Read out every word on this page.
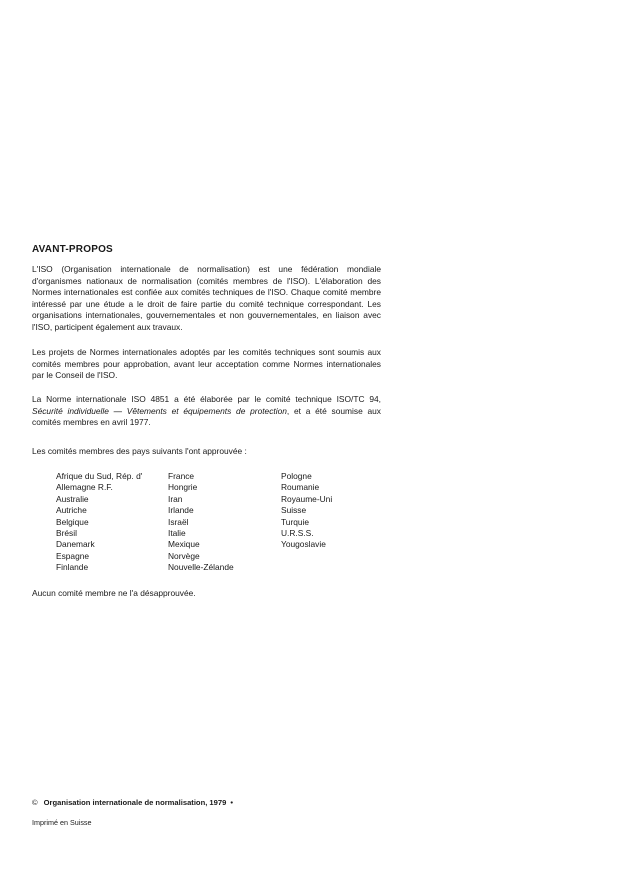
AVANT-PROPOS

L'ISO (Organisation internationale de normalisation) est une fédération mondiale d'organismes nationaux de normalisation (comités membres de l'ISO). L'élaboration des Normes internationales est confiée aux comités techniques de l'ISO. Chaque comité membre intéressé par une étude a le droit de faire partie du comité technique correspondant. Les organisations internationales, gouvernementales et non gouvernementales, en liaison avec l'ISO, participent également aux travaux.

Les projets de Normes internationales adoptés par les comités techniques sont soumis aux comités membres pour approbation, avant leur acceptation comme Normes internationales par le Conseil de l'ISO.

La Norme internationale ISO 4851 a été élaborée par le comité technique ISO/TC 94, Sécurité individuelle — Vêtements et équipements de protection, et a été soumise aux comités membres en avril 1977.

Les comités membres des pays suivants l'ont approuvée :

Afrique du Sud, Rép. d'
Allemagne R.F.
Australie
Autriche
Belgique
Brésil
Danemark
Espagne
Finlande
France
Hongrie
Iran
Irlande
Israël
Italie
Mexique
Norvège
Nouvelle-Zélande
Pologne
Roumanie
Royaume-Uni
Suisse
Turquie
U.R.S.S.
Yougoslavie

Aucun comité membre ne l'a désapprouvée.

© Organisation internationale de normalisation, 1979 •
Imprimé en Suisse
